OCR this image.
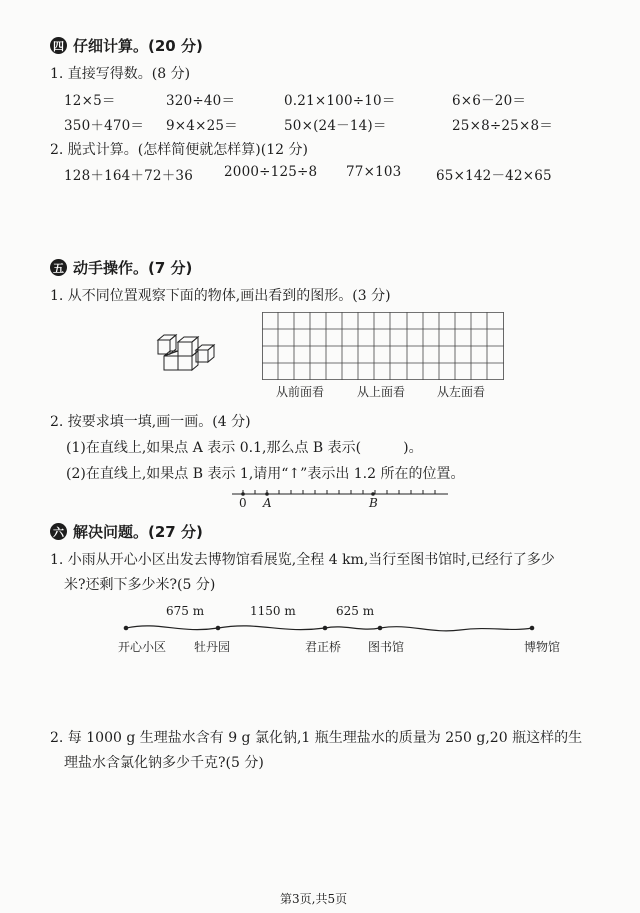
四 仔细计算。(20 分)
1. 直接写得数。(8 分)
12×5＝	320÷40＝	0.21×100÷10＝	6×6－20＝
350＋470＝ 9×4×25＝	50×(24－14)＝	25×8÷25×8＝
2. 脱式计算。(怎样简便就怎样算)(12 分)
128＋164＋72＋36 2000÷125÷8 77×103	65×142－42×65
五 动手操作。(7 分)
1. 从不同位置观察下面的物体,画出看到的图形。(3 分)
从前面看	从上面看	从左面看
2. 按要求填一填,画一画。(4 分)
(1)在直线上,如果点 A 表示 0.1,那么点 B 表示(　　　)。
(2)在直线上,如果点 B 表示 1,请用“↑”表示出 1.2 所在的位置。
0 A	B
六 解决问题。(27 分)
1. 小雨从开心小区出发去博物馆看展览,全程 4 km,当行至图书馆时,已经行了多少
米?还剩下多少米?(5 分)
675 m	1150 m	625 m
开心小区 牡丹园	君正桥 图书馆	博物馆
2. 每 1000 g 生理盐水含有 9 g 氯化钠,1 瓶生理盐水的质量为 250 g,20 瓶这样的生
理盐水含氯化钠多少千克?(5 分)
第3页,共5页
